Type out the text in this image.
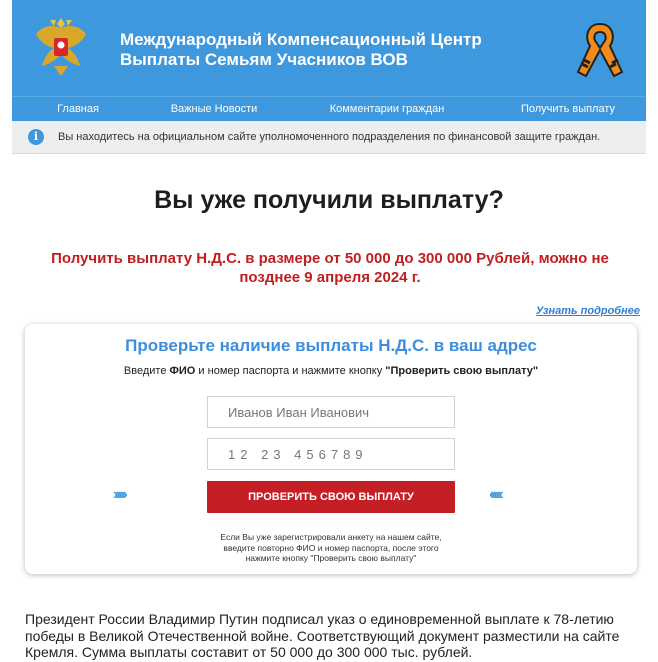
Международный Компенсационный Центр
Выплаты Семьям Учасников ВОВ
Главная	Важные Новости	Комментарии граждан	Получить выплату
i	Вы находитесь на официальном сайте уполномоченного подразделения по финансовой защите граждан.
Вы уже получили выплату?
Получить выплату Н.Д.С. в размере от 50 000 до 300 000 Рублей, можно не
позднее 9 апреля 2024 г.
Узнать подробнее
Проверьте наличие выплаты Н.Д.С. в ваш адрес
Введите ФИО и номер паспорта и нажмите кнопку "Проверить свою выплату"
Иванов Иван Иванович
12 23 456789
›››››	ПРОВЕРИТЬ СВОЮ ВЫПЛАТУ	‹‹‹‹‹
Если Вы уже зарегистрировали анкету на нашем сайте,
введите повторно ФИО и номер паспорта, после этого
нажмите кнопку "Проверить свою выплату"
Президент России Владимир Путин подписал указ о единовременной выплате к 78-летию победы в Великой Отечественной войне. Соответствующий документ разместили на сайте Кремля. Сумма выплаты составит от 50 000 до 300 000 тыс. рублей.
